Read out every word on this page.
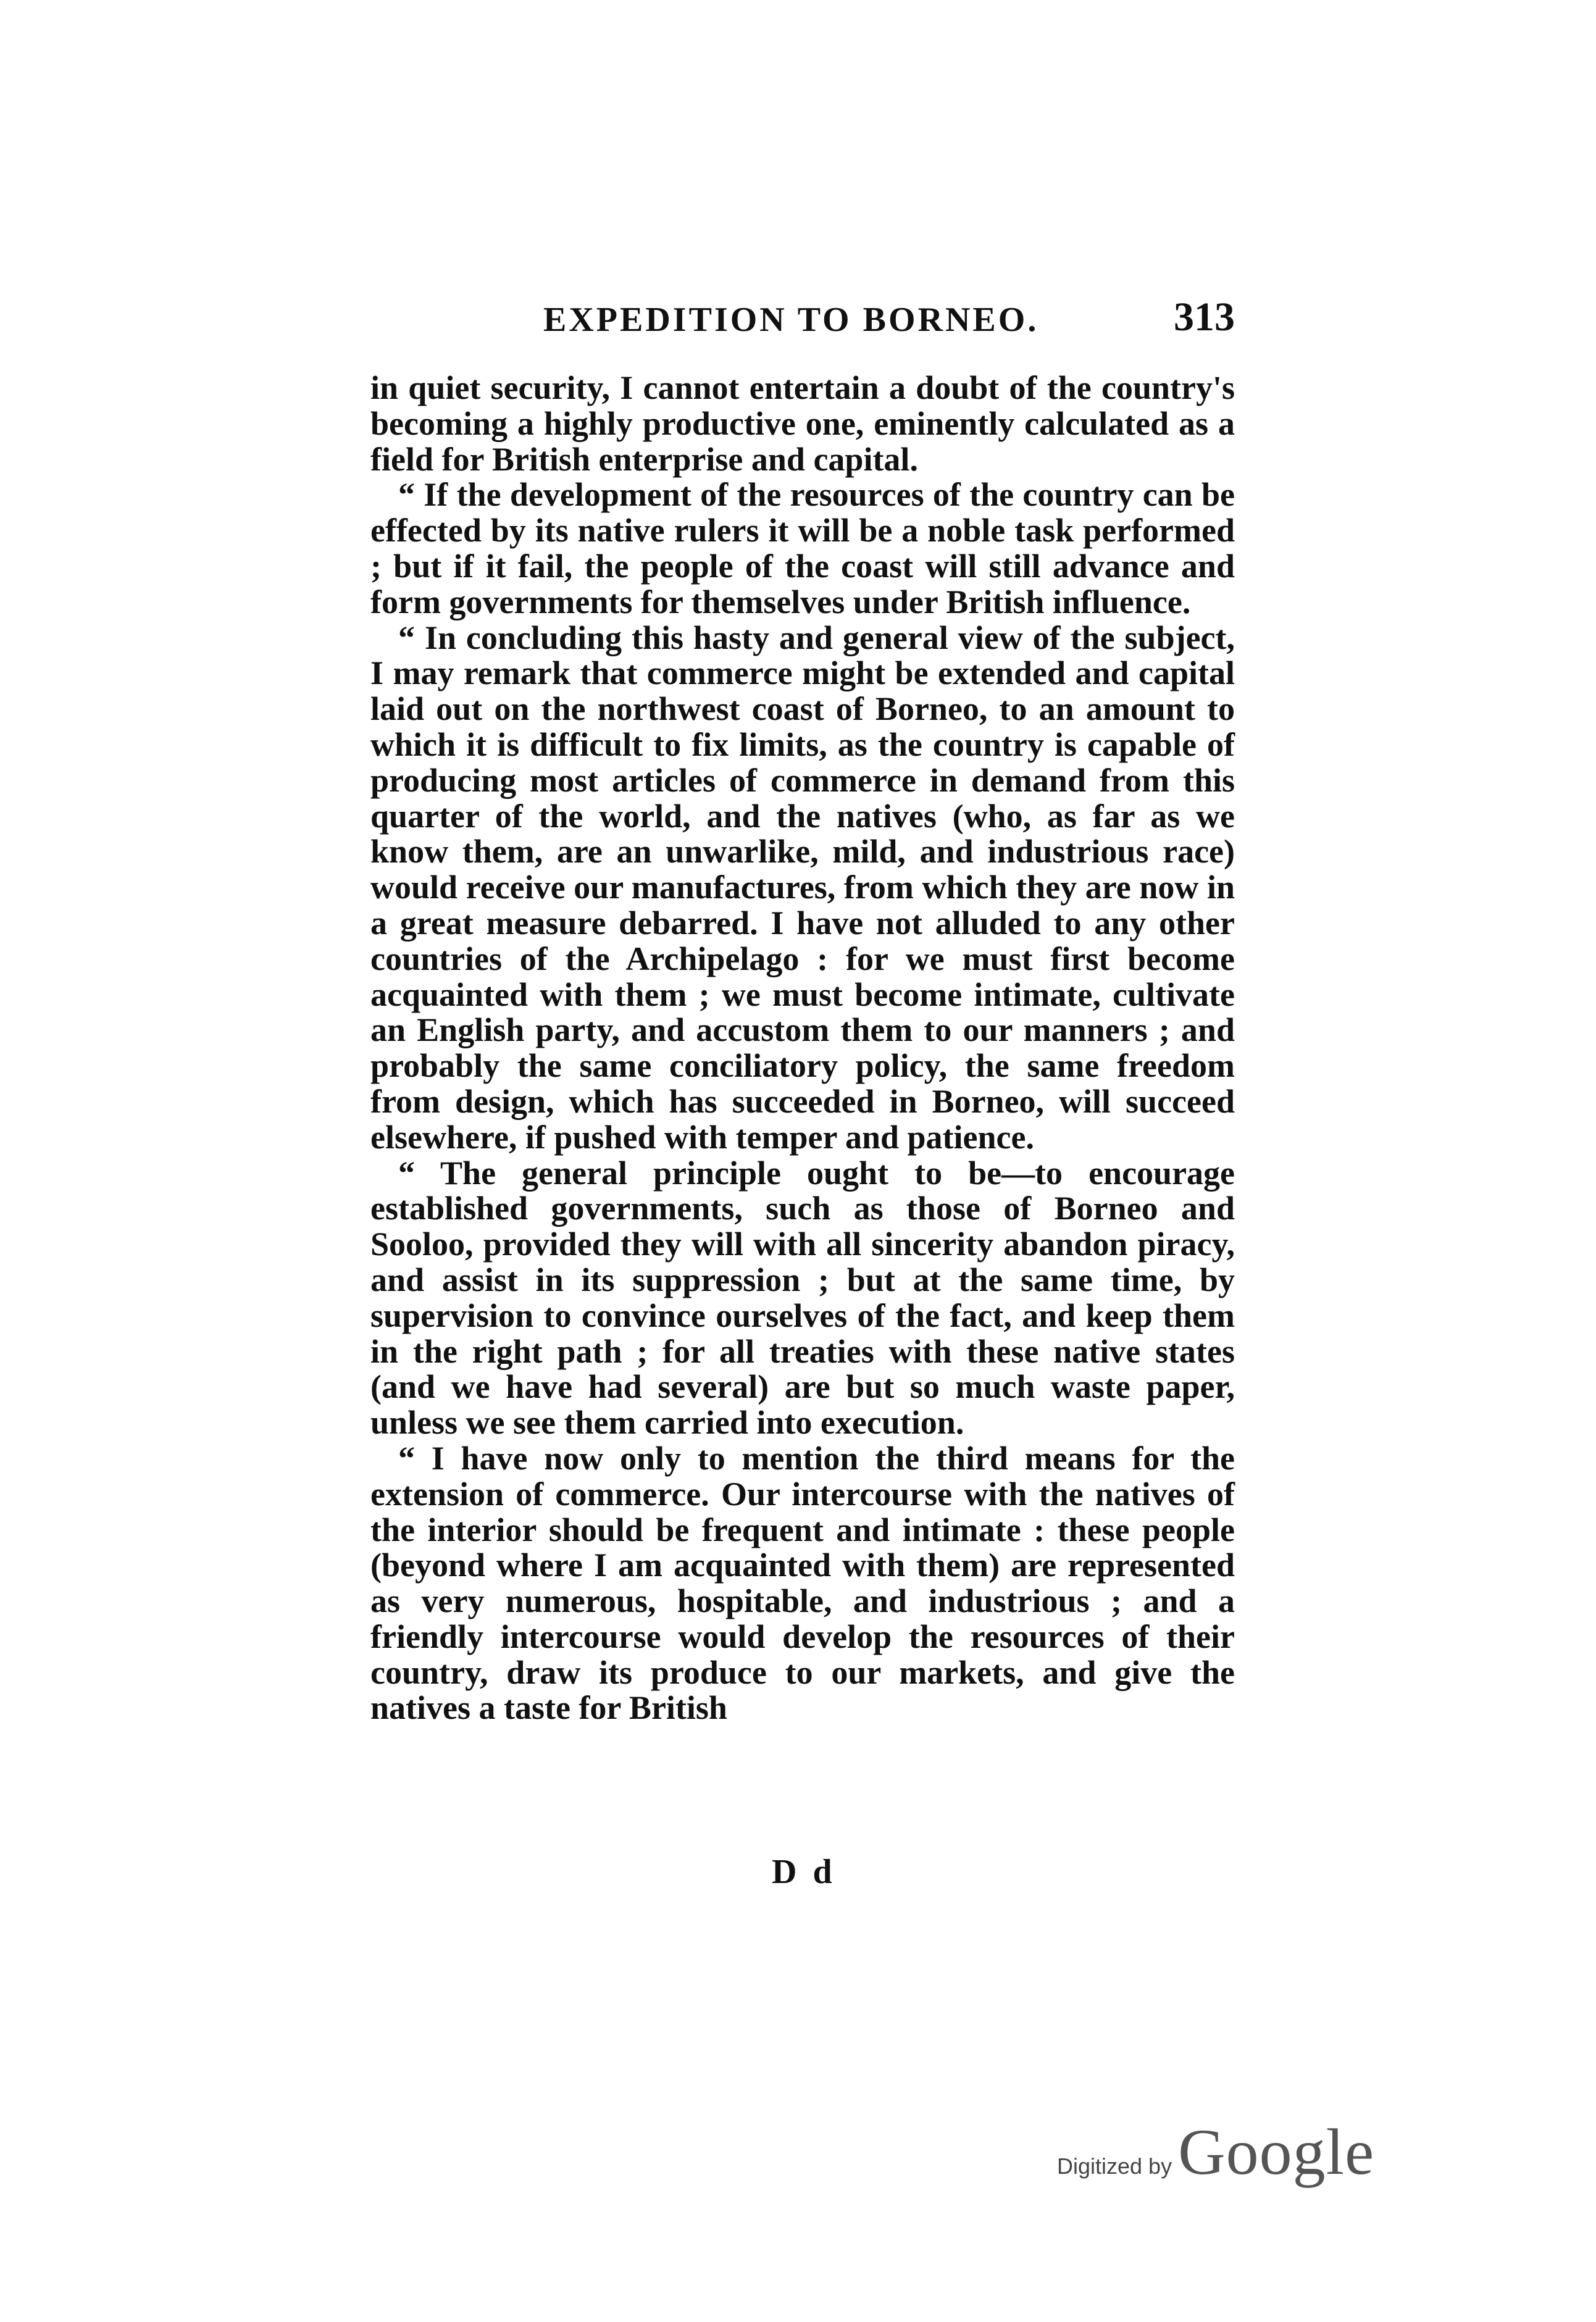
EXPEDITION TO BORNEO.	313

in quiet security, I cannot entertain a doubt of the country's becoming a highly productive one, eminently calculated as a field for British enterprise and capital.

“ If the development of the resources of the country can be effected by its native rulers it will be a noble task performed ; but if it fail, the people of the coast will still advance and form governments for themselves under British influence.

“ In concluding this hasty and general view of the subject, I may remark that commerce might be extended and capital laid out on the northwest coast of Borneo, to an amount to which it is difficult to fix limits, as the country is capable of producing most articles of commerce in demand from this quarter of the world, and the natives (who, as far as we know them, are an unwarlike, mild, and industrious race) would receive our manufactures, from which they are now in a great measure debarred. I have not alluded to any other countries of the Archipelago : for we must first become acquainted with them ; we must become intimate, cultivate an English party, and accustom them to our manners ; and probably the same conciliatory policy, the same freedom from design, which has succeeded in Borneo, will succeed elsewhere, if pushed with temper and patience.

“ The general principle ought to be—to encourage established governments, such as those of Borneo and Sooloo, provided they will with all sincerity abandon piracy, and assist in its suppression ; but at the same time, by supervision to convince ourselves of the fact, and keep them in the right path ; for all treaties with these native states (and we have had several) are but so much waste paper, unless we see them carried into execution.

“ I have now only to mention the third means for the extension of commerce. Our intercourse with the natives of the interior should be frequent and intimate : these people (beyond where I am acquainted with them) are represented as very numerous, hospitable, and industrious ; and a friendly intercourse would develop the resources of their country, draw its produce to our markets, and give the natives a taste for British

D d
Digitized by Google
